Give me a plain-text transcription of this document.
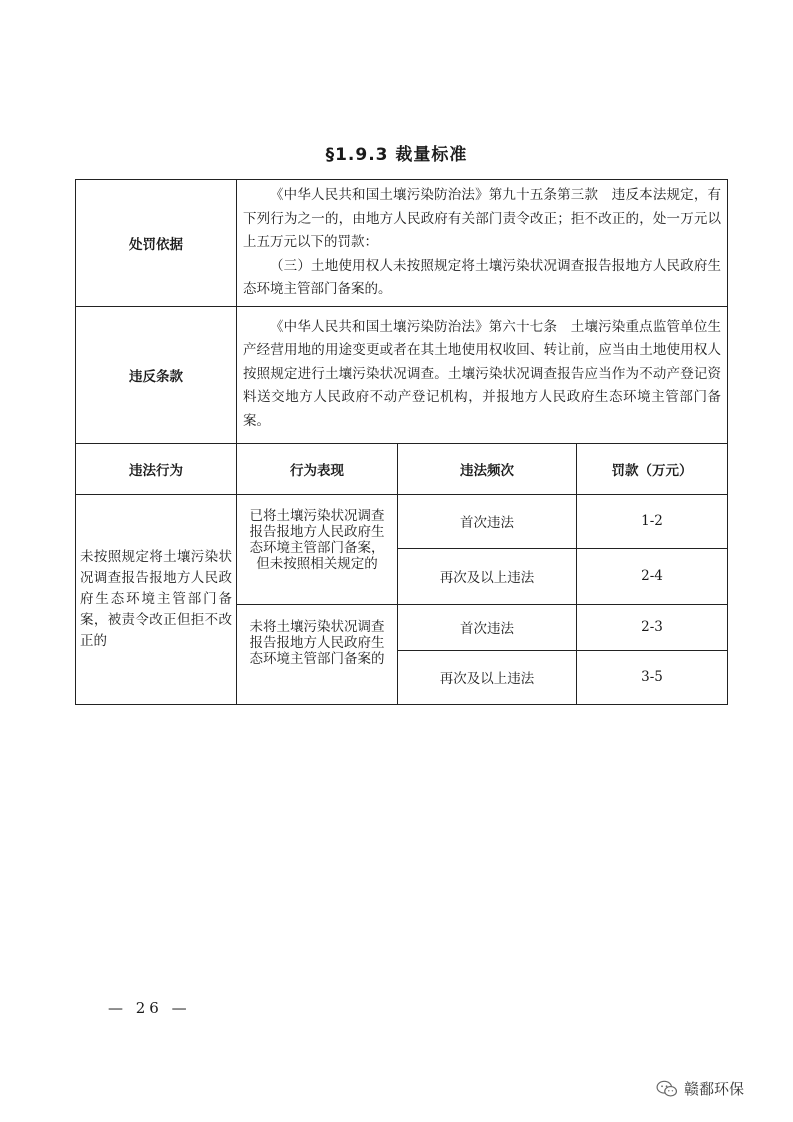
§1.9.3 裁量标准
处罚依据	《中华人民共和国土壤污染防治法》第九十五条第三款　违反本法规定，有下列行为之一的，由地方人民政府有关部门责令改正；拒不改正的，处一万元以上五万元以下的罚款：

（三）土地使用权人未按照规定将土壤污染状况调查报告报地方人民政府生态环境主管部门备案的。		

违反条款	《中华人民共和国土壤污染防治法》第六十七条　土壤污染重点监管单位生产经营用地的用途变更或者在其土地使用权收回、转让前，应当由土地使用权人按照规定进行土壤污染状况调查。土壤污染状况调查报告应当作为不动产登记资料送交地方人民政府不动产登记机构，并报地方人民政府生态环境主管部门备案。		

违法行为	行为表现	违法频次	罚款（万元）
未按照规定将土壤污染状况调查报告报地方人民政府生态环境主管部门备案，被责令改正但拒不改正的	已将土壤污染状况调查报告报地方人民政府生态环境主管部门备案，但未按照相关规定的	首次违法	1-2
		再次及以上违法	2-4
	未将土壤污染状况调查报告报地方人民政府生态环境主管部门备案的	首次违法	2-3
		再次及以上违法	3-5
— 26 —
赣鄱环保
